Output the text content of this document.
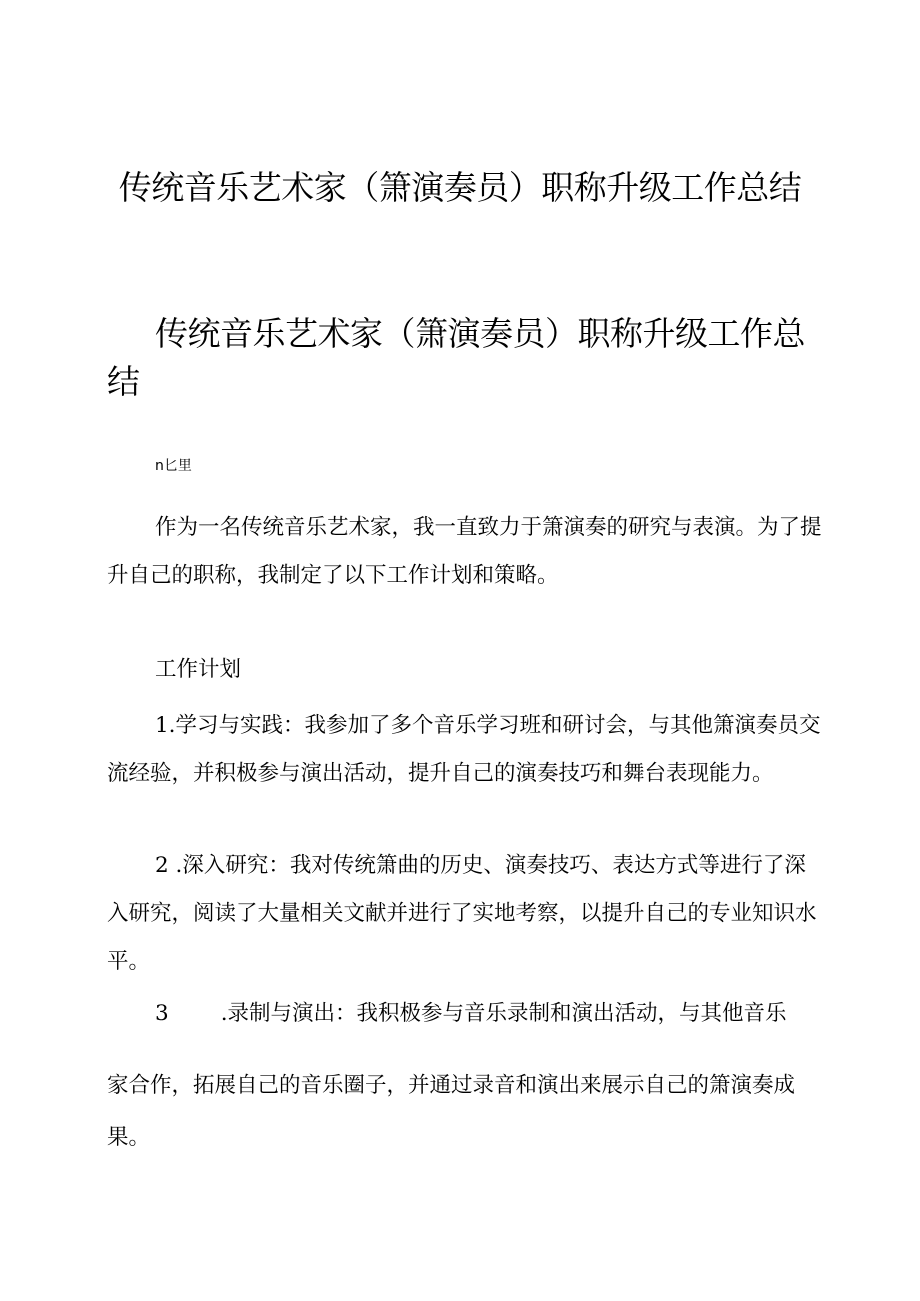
传统音乐艺术家（箫演奏员）职称升级工作总结
传统音乐艺术家（箫演奏员）职称升级工作总结
n匕里

作为一名传统音乐艺术家，我一直致力于箫演奏的研究与表演。为了提升自己的职称，我制定了以下工作计划和策略。

工作计划

1.学习与实践：我参加了多个音乐学习班和研讨会，与其他箫演奏员交流经验，并积极参与演出活动，提升自己的演奏技巧和舞台表现能力。

2 .深入研究：我对传统箫曲的历史、演奏技巧、表达方式等进行了深入研究，阅读了大量相关文献并进行了实地考察，以提升自己的专业知识水平。

3 .录制与演出：我积极参与音乐录制和演出活动，与其他音乐

家合作，拓展自己的音乐圈子，并通过录音和演出来展示自己的箫演奏成果。
